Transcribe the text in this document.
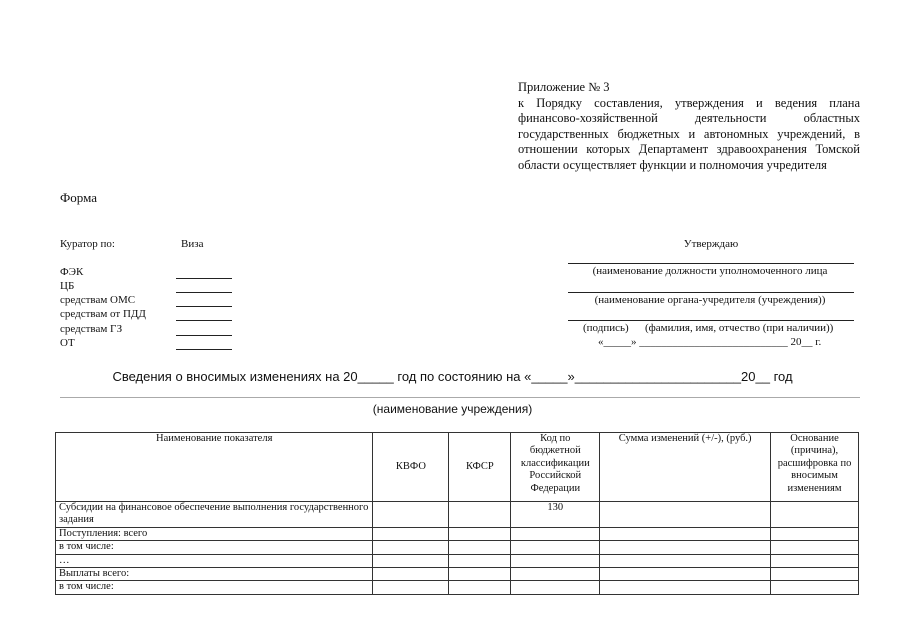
Приложение № 3
к Порядку составления, утверждения и ведения плана финансово-хозяйственной деятельности областных государственных бюджетных и автономных учреждений, в отношении которых Департамент здравоохранения Томской области осуществляет функции и полномочия учредителя
Форма
Куратор по:	Виза
ФЭК
ЦБ
средствам ОМС
средствам от ПДД
средствам ГЗ
ОТ
Утверждаю
(наименование должности уполномоченного лица
(наименование органа-учредителя (учреждения))
(подпись) (фамилия, имя, отчество (при наличии))
«_____» ___________________________ 20__ г.
Сведения о вносимых изменениях на 20_____ год по состоянию на «_____»_______________________20__ год
(наименование учреждения)
Наименование показателя	КВФО	КФСР	Код по бюджетной классификации Российской Федерации	Сумма изменений (+/-), (руб.)	Основание (причина), расшифровка по вносимым изменениям
Субсидии на финансовое обеспечение выполнения государственного задания			130		
Поступления: всего					
в том числе:					
…					
Выплаты всего:					
в том числе:					
